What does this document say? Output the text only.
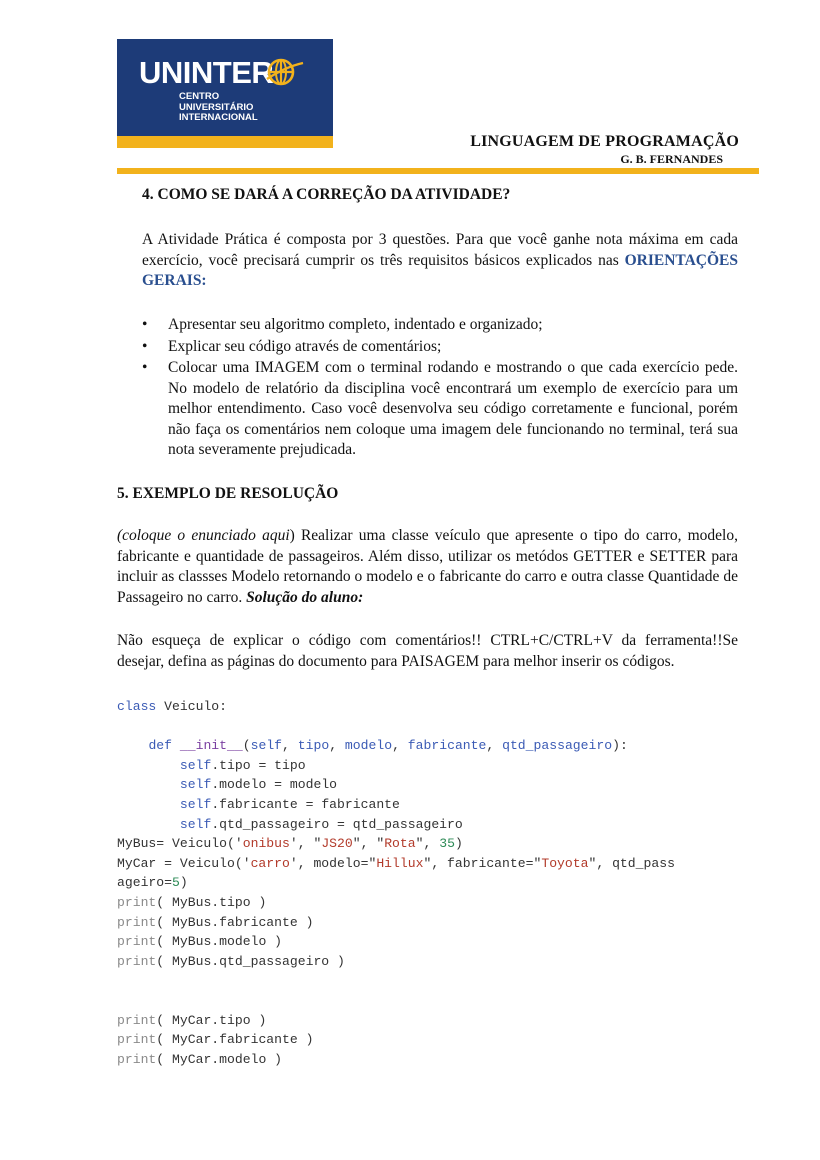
UNINTER
CENTRO
UNIVERSITÁRIO
INTERNACIONAL
LINGUAGEM DE PROGRAMAÇÃO
G. B. FERNANDES
4. COMO SE DARÁ A CORREÇÃO DA ATIVIDADE?
A Atividade Prática é composta por 3 questões. Para que você ganhe nota máxima em cada exercício, você precisará cumprir os três requisitos básicos explicados nas ORIENTAÇÕES GERAIS:
• Apresentar seu algoritmo completo, indentado e organizado;
• Explicar seu código através de comentários;
• Colocar uma IMAGEM com o terminal rodando e mostrando o que cada exercício pede. No modelo de relatório da disciplina você encontrará um exemplo de exercício para um melhor entendimento. Caso você desenvolva seu código corretamente e funcional, porém não faça os comentários nem coloque uma imagem dele funcionando no terminal, terá sua nota severamente prejudicada.
5. EXEMPLO DE RESOLUÇÃO
(coloque o enunciado aqui) Realizar uma classe veículo que apresente o tipo do carro, modelo, fabricante e quantidade de passageiros. Além disso, utilizar os metódos GETTER e SETTER para incluir as classses Modelo retornando o modelo e o fabricante do carro e outra classe Quantidade de Passageiro no carro. Solução do aluno:
Não esqueça de explicar o código com comentários!! CTRL+C/CTRL+V da ferramenta!!Se desejar, defina as páginas do documento para PAISAGEM para melhor inserir os códigos.
class Veiculo:
def __init__(self, tipo, modelo, fabricante, qtd_passageiro):
self.tipo = tipo
self.modelo = modelo
self.fabricante = fabricante
self.qtd_passageiro = qtd_passageiro
MyBus= Veiculo('onibus', "JS20", "Rota", 35)
MyCar = Veiculo('carro', modelo="Hillux", fabricante="Toyota", qtd_pass
ageiro=5)
print( MyBus.tipo )
print( MyBus.fabricante )
print( MyBus.modelo )
print( MyBus.qtd_passageiro )
print( MyCar.tipo )
print( MyCar.fabricante )
print( MyCar.modelo )
